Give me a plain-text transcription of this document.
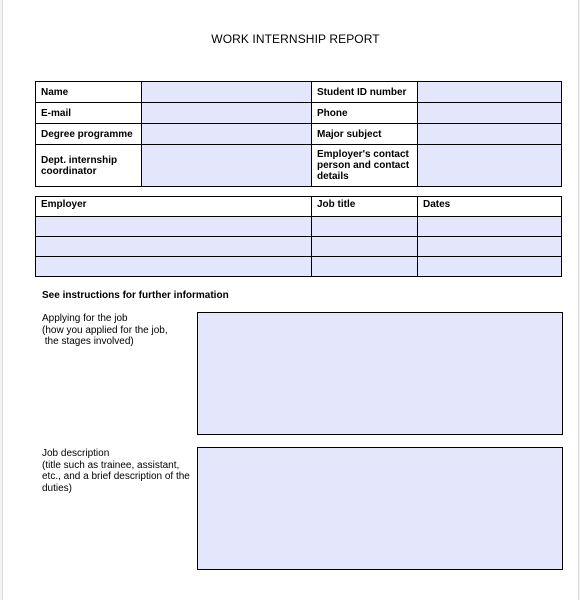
WORK INTERNSHIP REPORT
Name		Student ID number	
E-mail		Phone	
Degree programme		Major subject	
Dept. internship coordinator		Employer's contact person and contact details	
Employer	Job title	Dates

See instructions for further information
Applying for the job
(how you applied for the job,
the stages involved)
Job description
(title such as trainee, assistant,
etc., and a brief description of the
duties)
